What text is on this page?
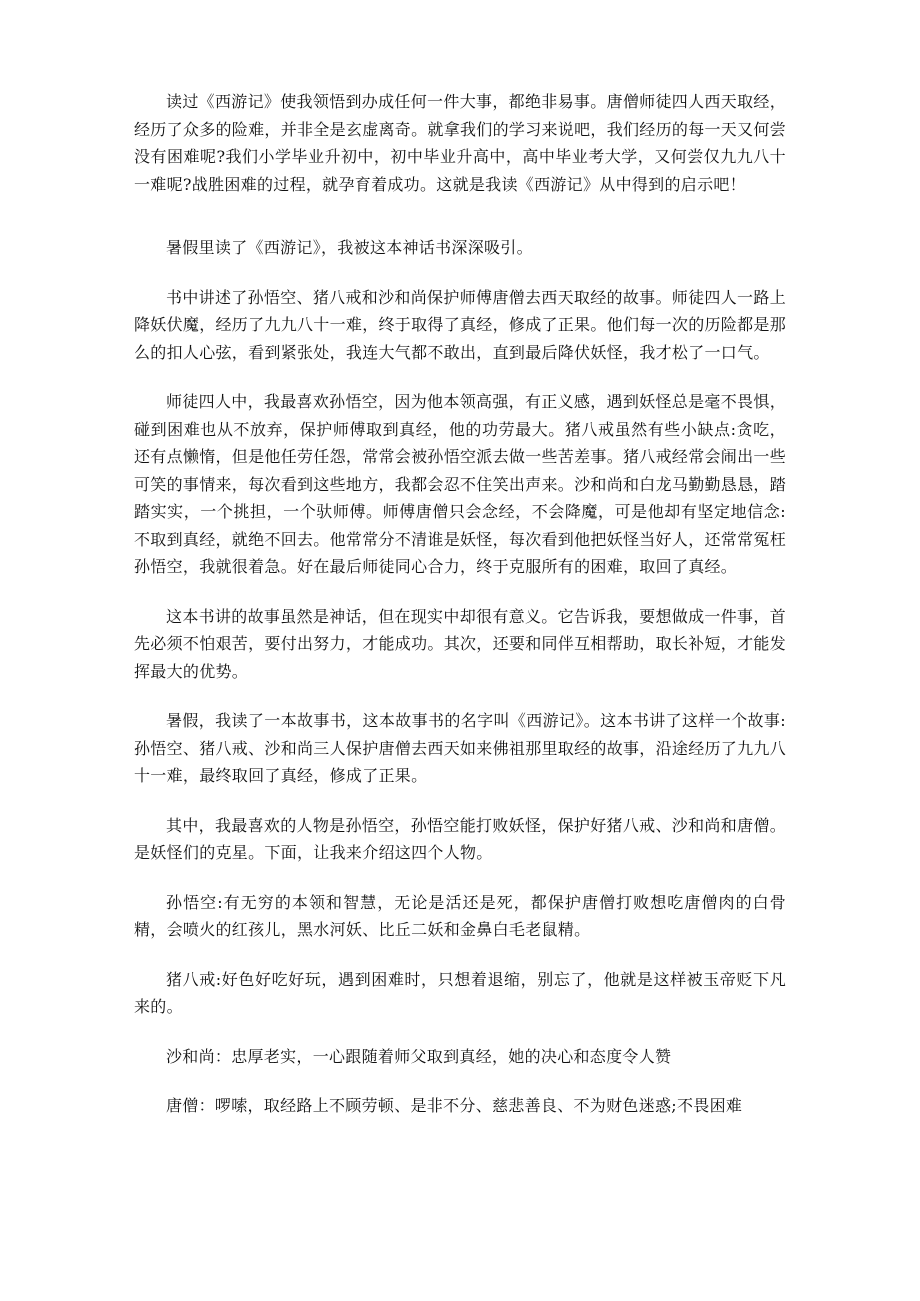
读过《西游记》使我领悟到办成任何一件大事，都绝非易事。唐僧师徒四人西天取经，经历了众多的险难，并非全是玄虚离奇。就拿我们的学习来说吧，我们经历的每一天又何尝没有困难呢?我们小学毕业升初中，初中毕业升高中，高中毕业考大学，又何尝仅九九八十一难呢?战胜困难的过程，就孕育着成功。这就是我读《西游记》从中得到的启示吧！

暑假里读了《西游记》，我被这本神话书深深吸引。

书中讲述了孙悟空、猪八戒和沙和尚保护师傅唐僧去西天取经的故事。师徒四人一路上降妖伏魔，经历了九九八十一难，终于取得了真经，修成了正果。他们每一次的历险都是那么的扣人心弦，看到紧张处，我连大气都不敢出，直到最后降伏妖怪，我才松了一口气。

师徒四人中，我最喜欢孙悟空，因为他本领高强，有正义感，遇到妖怪总是毫不畏惧，碰到困难也从不放弃，保护师傅取到真经，他的功劳最大。猪八戒虽然有些小缺点:贪吃，还有点懒惰，但是他任劳任怨，常常会被孙悟空派去做一些苦差事。猪八戒经常会闹出一些可笑的事情来，每次看到这些地方，我都会忍不住笑出声来。沙和尚和白龙马勤勤恳恳，踏踏实实，一个挑担，一个驮师傅。师傅唐僧只会念经，不会降魔，可是他却有坚定地信念:不取到真经，就绝不回去。他常常分不清谁是妖怪，每次看到他把妖怪当好人，还常常冤枉孙悟空，我就很着急。好在最后师徒同心合力，终于克服所有的困难，取回了真经。

这本书讲的故事虽然是神话，但在现实中却很有意义。它告诉我，要想做成一件事，首先必须不怕艰苦，要付出努力，才能成功。其次，还要和同伴互相帮助，取长补短，才能发挥最大的优势。

暑假，我读了一本故事书，这本故事书的名字叫《西游记》。这本书讲了这样一个故事:孙悟空、猪八戒、沙和尚三人保护唐僧去西天如来佛祖那里取经的故事，沿途经历了九九八十一难，最终取回了真经，修成了正果。

其中，我最喜欢的人物是孙悟空，孙悟空能打败妖怪，保护好猪八戒、沙和尚和唐僧。是妖怪们的克星。下面，让我来介绍这四个人物。

孙悟空:有无穷的本领和智慧，无论是活还是死，都保护唐僧打败想吃唐僧肉的白骨精，会喷火的红孩儿，黑水河妖、比丘二妖和金鼻白毛老鼠精。

猪八戒:好色好吃好玩，遇到困难时，只想着退缩，别忘了，他就是这样被玉帝贬下凡来的。

沙和尚：忠厚老实，一心跟随着师父取到真经，她的决心和态度令人赞

唐僧：啰嗦，取经路上不顾劳顿、是非不分、慈悲善良、不为财色迷惑;不畏困难
